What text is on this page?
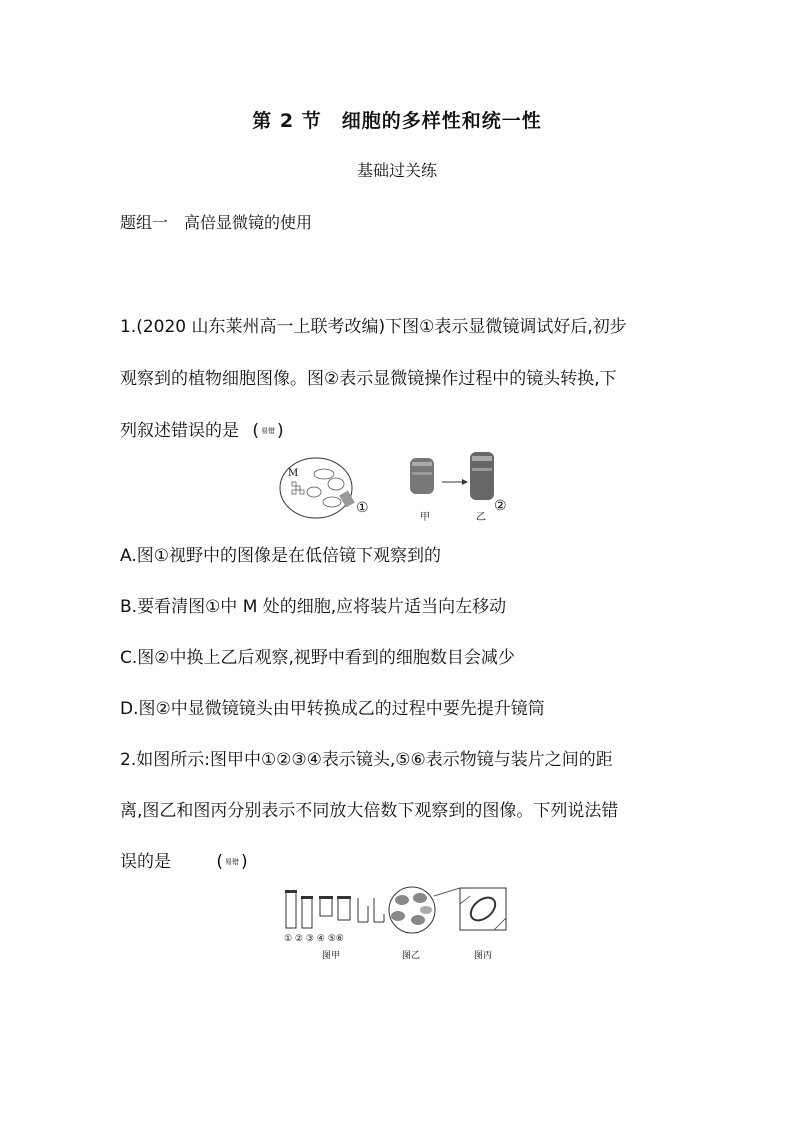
第 2 节　细胞的多样性和统一性
基础过关练
题组一　高倍显微镜的使用
1.(2020 山东莱州高一上联考改编)下图①表示显微镜调试好后,初步
观察到的植物细胞图像。图②表示显微镜操作过程中的镜头转换,下
列叙述错误的是 ( 易错 )
M
①
甲	乙
②
A.图①视野中的图像是在低倍镜下观察到的
B.要看清图①中 M 处的细胞,应将装片适当向左移动
C.图②中换上乙后观察,视野中看到的细胞数目会减少
D.图②中显微镜镜头由甲转换成乙的过程中要先提升镜筒
2.如图所示:图甲中①②③④表示镜头,⑤⑥表示物镜与装片之间的距
离,图乙和图丙分别表示不同放大倍数下观察到的图像。下列说法错
误的是	( 易错 )
① ② ③ ④ ⑤⑥
图甲	图乙	图丙
